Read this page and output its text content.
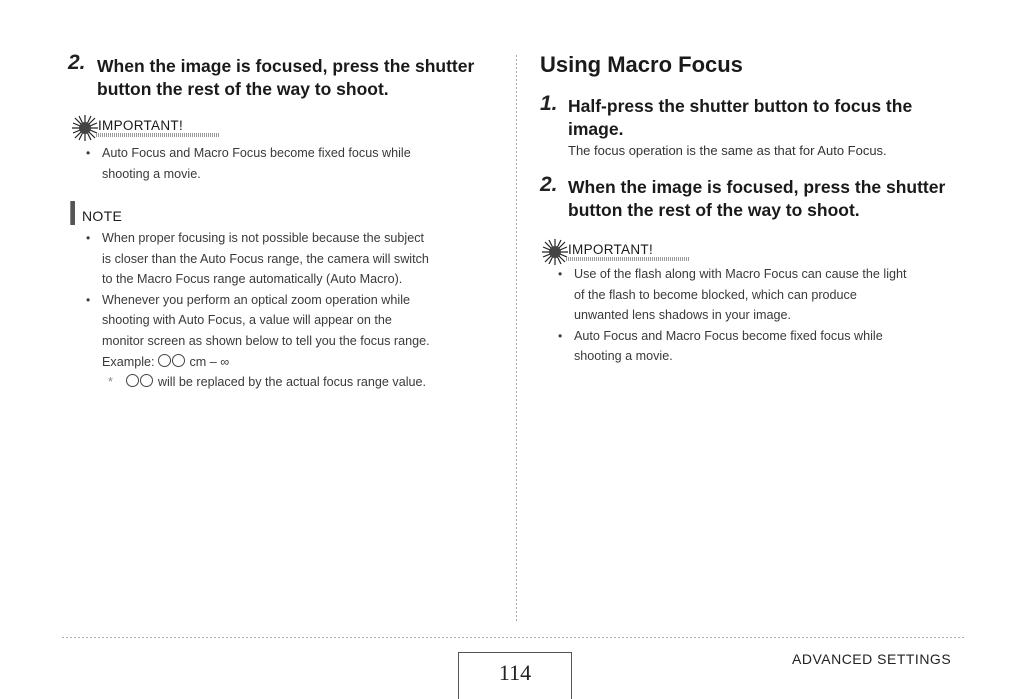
2. When the image is focused, press the shutter
button the rest of the way to shoot.
IMPORTANT!
• Auto Focus and Macro Focus become fixed focus while
shooting a movie.
NOTE
• When proper focusing is not possible because the subject
is closer than the Auto Focus range, the camera will switch
to the Macro Focus range automatically (Auto Macro).
• Whenever you perform an optical zoom operation while
shooting with Auto Focus, a value will appear on the
monitor screen as shown below to tell you the focus range.
Example:	cm – ∞
*	will be replaced by the actual focus range value.
Using Macro Focus
1. Half-press the shutter button to focus the
image.
The focus operation is the same as that for Auto Focus.
2. When the image is focused, press the shutter
button the rest of the way to shoot.
IMPORTANT!
• Use of the flash along with Macro Focus can cause the light
of the flash to become blocked, which can produce
unwanted lens shadows in your image.
• Auto Focus and Macro Focus become fixed focus while
shooting a movie.
114
ADVANCED SETTINGS
